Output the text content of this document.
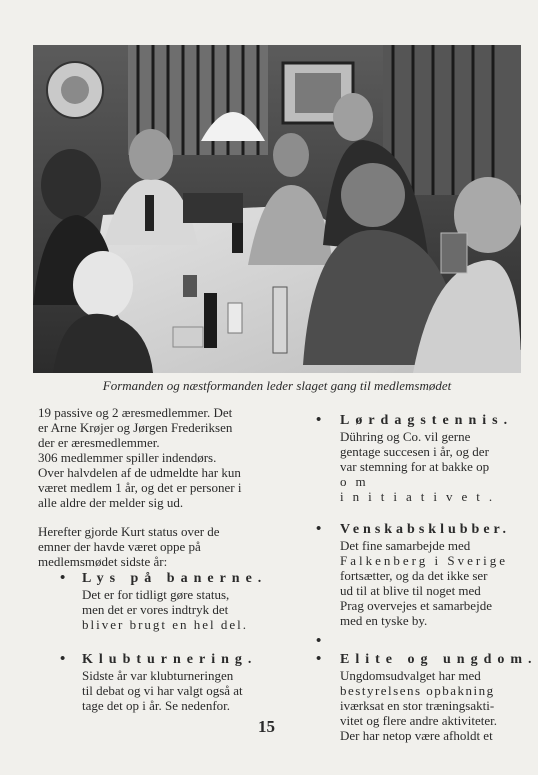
Formanden og næstformanden leder slaget gang til medlemsmødet

19 passive og 2 æresmedlemmer. Det

er Arne Krøjer og Jørgen Frederiksen

der er æresmedlemmer.

306 medlemmer spiller indendørs.

Over halvdelen af de udmeldte har kun

været medlem 1 år, og det er personer i

alle aldre der melder sig ud.

Herefter gjorde Kurt status over de

emner der havde været oppe på

medlemsmødet sidste år:

•	Lys på banerne.

Det er for tidligt gøre status,

men det er vores indtryk det

bliver brugt en hel del.

•	Klubturnering.

Sidste år var klubturneringen

til debat og vi har valgt også at

tage det op i år. Se nedenfor.

• Lørdagstennis.

Dühring og Co. vil gerne

gentage succesen i år, og der

var stemning for at bakke op

om initiativet.

• Venskabsklubber.

Det fine samarbejde med

Falkenberg i Sverige

fortsætter, og da det ikke ser

ud til at blive til noget med

Prag overvejes et samarbejde

med en tyske by.

•
• Elite og ungdom.

Ungdomsudvalget har med

bestyrelsens opbakning

iværksat en stor træningsakti-

vitet og flere andre aktiviteter.

Der har netop være afholdt et

15
